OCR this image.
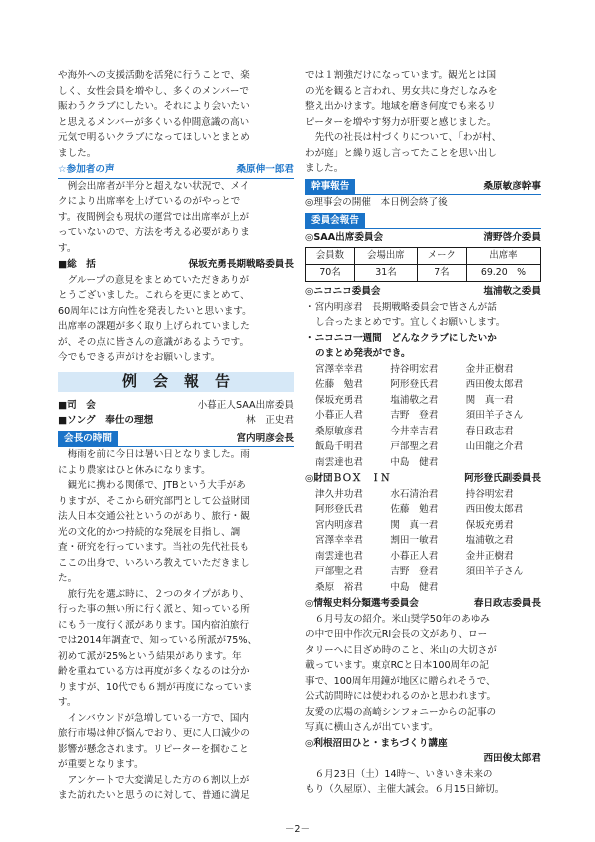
や海外への支援活動を活発に行うことで、楽

しく、女性会員を増やし、多くのメンバーで

賑わうクラブにしたい。それにより会いたい

と思えるメンバーが多くいる仲間意識の高い

元気で明るいクラブになってほしいとまとめ

ました。

☆参加者の声	桑原伸一郎君

例会出席者が半分と超えない状況で、メイ

クにより出席率を上げているのがやっとで

す。夜間例会も現状の運営では出席率が上が

っていないので、方法を考える必要がありま

す。

■総　括	保坂充勇長期戦略委員長

グループの意見をまとめていただきありが

とうございました。これらを更にまとめて、

60周年には方向性を発表したいと思います。

出席率の課題が多く取り上げられていました

が、その点に皆さんの意識があるようです。

今でもできる声がけをお願いします。

例会報告
■司　会	小暮正人SAA出席委員
■ソング　奉仕の理想	林　正史君
会長の時間	宮内明彦会長

梅雨を前に今日は暑い日となりました。雨

により農家はひと休みになります。

観光に携わる関係で、JTBという大手があ

りますが、そこから研究部門として公益財団

法人日本交通公社というのがあり、旅行・観

光の文化的かつ持続的な発展を目指し、調

査・研究を行っています。当社の先代社長も

ここの出身で、いろいろ教えていただきまし

た。

旅行先を選ぶ時に、２つのタイプがあり、

行った事の無い所に行く派と、知っている所

にもう一度行く派があります。国内宿泊旅行

では2014年調査で、知っている所派が75%、

初めて派が25%という結果があります。年

齢を重ねている方は再度が多くなるのは分か

りますが、10代でも６割が再度になっていま

す。

インバウンドが急増している一方で、国内

旅行市場は伸び悩んでおり、更に人口減少の

影響が懸念されます。リピーターを掴むこと

が重要となります。

アンケートで大変満足した方の６割以上が

また訪れたいと思うのに対して、普通に満足

では１割強だけになっています。観光とは国

の光を観ると言われ、男女共に身だしなみを

整え出かけます。地域を磨き何度でも来るリ

ピーターを増やす努力が肝要と感じました。

先代の社長は村づくりについて、「わが村、

わが庭」と繰り返し言ってたことを思い出し

ました。

幹事報告	桑原敏彦幹事

◎理事会の開催　本日例会終了後

委員会報告
◎SAA出席委員会	清野啓介委員
会員数	会場出席	メーク	出席率
70名	31名	7名	69.20　%
◎ニコニコ委員会	塩浦敬之委員

・宮内明彦君　長期戦略委員会で皆さんが話

し合ったまとめです。宜しくお願いします。

・ニコニコ一週間　どんなクラブにしたいか

のまとめ発表ができ。

宮澤幸幸君	持谷明宏君	金井正樹君
佐藤　勉君	阿形登氏君	西田俊太郎君
保坂充勇君	塩浦敬之君	関　真一君
小暮正人君	吉野　登君	須田羊子さん
桑原敏彦君	今井幸吉君	春日政志君
飯島千明君	戸部聖之君	山田龍之介君
南雲達也君	中島　健君
◎財団ＢＯＸ　ＩＮ	阿形登氏副委員長
津久井功君	水石清治君	持谷明宏君
阿形登氏君	佐藤　勉君	西田俊太郎君
宮内明彦君	関　真一君	保坂充勇君
宮澤幸幸君	割田一敏君	塩浦敬之君
南雲達也君	小暮正人君	金井正樹君
戸部聖之君	吉野　登君	須田羊子さん
桑原　裕君	中島　健君
◎情報史料分類選考委員会	春日政志委員長

６月号友の紹介。米山奨学50年のあゆみ

の中で田中作次元RI会長の文があり、ロー

タリーへに目ざめ時のこと、米山の大切さが

載っています。東京RCと日本100周年の記

事で、100周年用鐘が地区に贈られそうで、

公式訪問時には使われるのかと思われます。

友愛の広場の高崎シンフォニーからの記事の

写真に横山さんが出ています。

◎利根沼田ひと・まちづくり講座

西田俊太郎君

６月23日（土）14時～、いきいき未来の

もり（久屋原）、主催大誠会。６月15日締切。

－2－
